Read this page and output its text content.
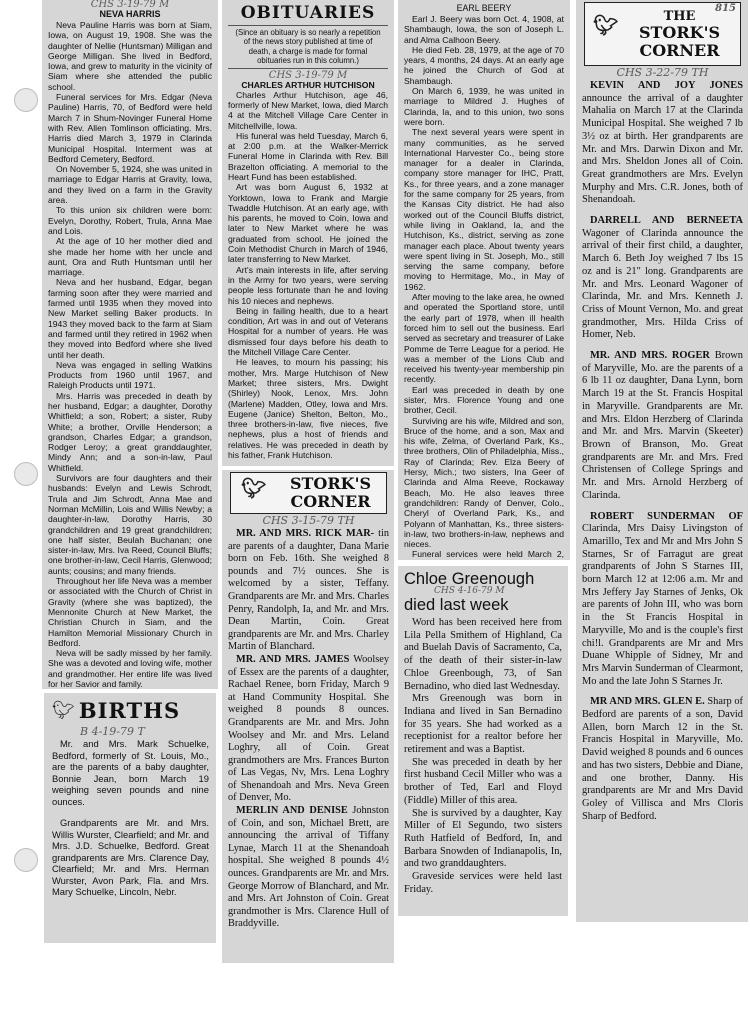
CHS 3-19-79 M
NEVA HARRIS

Neva Pauline Harris was born at Siam, Iowa, on August 19, 1908. She was the daughter of Nellie (Huntsman) Milligan and George Milligan. She lived in Bedford, Iowa, and grew to maturity in the vicinity of Siam where she attended the public school.

Funeral services for Mrs. Edgar (Neva Pauline) Harris, 70, of Bedford were held March 7 in Shum-Novinger Funeral Home with Rev. Allen Tomlinson officiating. Mrs. Harris died March 3, 1979 in Clarinda Municipal Hospital. Interment was at Bedford Cemetery, Bedford.

On November 5, 1924, she was united in marriage to Edgar Harris at Gravity, Iowa, and they lived on a farm in the Gravity area.

To this union six children were born: Evelyn, Dorothy, Robert, Trula, Anna Mae and Lois.

At the age of 10 her mother died and she made her home with her uncle and aunt, Ora and Ruth Huntsman until her marriage.

Neva and her husband, Edgar, began farming soon after they were married and farmed until 1935 when they moved into New Market selling Baker products. In 1943 they moved back to the farm at Siam and farmed until they retired in 1962 when they moved into Bedford where she lived until her death.

Neva was engaged in selling Watkins Products from 1960 until 1967, and Raleigh Products until 1971.

Mrs. Harris was preceded in death by her husband, Edgar; a daughter, Dorothy Whitfield; a son, Robert; a sister, Ruby White; a brother, Orville Henderson; a grandson, Charles Edgar; a grandson, Rodger Leroy; a great granddaughter, Mindy Ann; and a son-in-law, Paul Whitfield.

Survivors are four daughters and their husbands: Evelyn and Lewis Schrodt, Trula and Jim Schrodt, Anna Mae and Norman McMillin, Lois and Willis Newby; a daughter-in-law, Dorothy Harris, 30 grandchildren and 19 great grandchildren; one half sister, Beulah Buchanan; one sister-in-law, Mrs. Iva Reed, Council Bluffs; one brother-in-law, Cecil Harris, Glenwood; aunts; cousins; and many friends.

Throughout her life Neva was a member or associated with the Church of Christ in Gravity (where she was baptized), the Mennonite Church at New Market, the Christian Church in Siam, and the Hamilton Memorial Missionary Church in Bedford.

Neva will be sadly missed by her family. She was a devoted and loving wife, mother and grandmother. Her entire life was lived for her Savior and family.

OBITUARIES
(Since an obituary is so nearly a repetition of the news story published at time of death, a charge is made for formal obituaries run in this column.)
CHS 3-19-79 M
CHARLES ARTHUR HUTCHISON

Charles Arthur Hutchison, age 46, formerly of New Market, Iowa, died March 4 at the Mitchell Village Care Center in Mitchellville, Iowa.

His funeral was held Tuesday, March 6, at 2:00 p.m. at the Walker-Merrick Funeral Home in Clarinda with Rev. Bill Brazelton officiating. A memorial to the Heart Fund has been established.

Art was born August 6, 1932 at Yorktown, Iowa to Frank and Margie Twaddle Hutchison. At an early age, with his parents, he moved to Coin, Iowa and later to New Market where he was graduated from school. He joined the Coin Methodist Church in March of 1946, later transferring to New Market.

Art's main interests in life, after serving in the Army for two years, were serving people less fortunate than he and loving his 10 nieces and nephews.

Being in failing health, due to a heart condition, Art was in and out of Veterans Hospital for a number of years. He was dismissed four days before his death to the Mitchell Village Care Center.

He leaves, to mourn his passing; his mother, Mrs. Marge Hutchison of New Market; three sisters, Mrs. Dwight (Shirley) Nook, Lenox, Mrs. John (Marlene) Madden, Otley, Iowa and Mrs. Eugene (Janice) Shelton, Belton, Mo., three brothers-in-law, five nieces, five nephews, plus a host of friends and relatives. He was preceded in death by his father, Frank Hutchison.

EARL BEERY

Earl J. Beery was born Oct. 4, 1908, at Shambaugh, Iowa, the son of Joseph L. and Alma Calhoon Beery.

He died Feb. 28, 1979, at the age of 70 years, 4 months, 24 days. At an early age he joined the Church of God at Shambaugh.

On March 6, 1939, he was united in marriage to Mildred J. Hughes of Clarinda, Ia, and to this union, two sons were born.

The next several years were spent in many communities, as he served International Harvester Co., being store manager for a dealer in Clarinda, company store manager for IHC, Pratt, Ks., for three years, and a zone manager for the same company for 25 years, from the Kansas City district. He had also worked out of the Council Bluffs district, while living in Oakland, Ia, and the Hutchison, Ks., district, serving as zone manager each place. About twenty years were spent living in St. Joseph, Mo., still serving the same company, before moving to Hermitage, Mo., in May of 1962.

After moving to the lake area, he owned and operated the Sportland store, until the early part of 1978, when ill health forced him to sell out the business. Earl served as secretary and treasurer of Lake Pomme de Terre League for a period. He was a member of the Lions Club and received his twenty-year membership pin recently.

Earl was preceded in death by one sister, Mrs. Florence Young and one brother, Cecil.

Surviving are his wife, Mildred and son, Bruce of the home, and a son, Max and his wife, Zelma, of Overland Park, Ks., three brothers, Olin of Philadelphia, Miss., Ray of Clarinda; Rev. Elza Beery of Hersy, Mich.; two sisters, Ina Geer of Clarinda and Alma Reeve, Rockaway Beach, Mo. He also leaves three grandchildren: Randy of Denver, Colo., Cheryl of Overland Park, Ks., and Polyann of Manhattan, Ks., three sisters-in-law, two brothers-in-law, nephews and nieces.

Funeral services were held March 2,

🐦︎	THE
STORK'S
CORNER
815
CHS 3-22-79 TH

KEVIN AND JOY JONES announce the arrival of a daughter Mahalia on March 17 at the Clarinda Municipal Hospital. She weighed 7 lb 3½ oz at birth. Her grandparents are Mr. and Mrs. Darwin Dixon and Mr. and Mrs. Sheldon Jones all of Coin. Great grandmothers are Mrs. Evelyn Murphy and Mrs. C.R. Jones, both of Shenandoah.

DARRELL AND BERNEETA Wagoner of Clarinda announce the arrival of their first child, a daughter, March 6. Beth Joy weighed 7 lbs 15 oz and is 21" long. Grandparents are Mr. and Mrs. Leonard Wagoner of Clarinda, Mr. and Mrs. Kenneth J. Criss of Mount Vernon, Mo. and great grandmother, Mrs. Hilda Criss of Homer, Neb.

MR. AND MRS. ROGER Brown of Maryville, Mo. are the parents of a 6 lb 11 oz daughter, Dana Lynn, born March 19 at the St. Francis Hospital in Maryville. Grandparents are Mr. and Mrs. Eldon Herzberg of Clarinda and Mr. and Mrs. Marvin (Skeeter) Brown of Branson, Mo. Great grandparents are Mr. and Mrs. Fred Christensen of College Springs and Mr. and Mrs. Arnold Herzberg of Clarinda.

ROBERT SUNDERMAN OF Clarinda, Mrs Daisy Livingston of Amarillo, Tex and Mr and Mrs John S Starnes, Sr of Farragut are great grandparents of John S Starnes III, born March 12 at 12:06 a.m. Mr and Mrs Jeffery Jay Starnes of Jenks, Ok are parents of John III, who was born in the St Francis Hospital in Maryville, Mo and is the couple's first chi!l. Grandparents are Mr and Mrs Duane Whipple of Sidney, Mr and Mrs Marvin Sunderman of Clearmont, Mo and the late John S Starnes Jr.

MR AND MRS. GLEN E. Sharp of Bedford are parents of a son, David Allen, born March 12 in the St. Francis Hospital in Maryville, Mo. David weighed 8 pounds and 6 ounces and has two sisters, Debbie and Diane, and one brother, Danny. His grandparents are Mr and Mrs David Goley of Villisca and Mrs Cloris Sharp of Bedford.

🐦︎ STORK'S
CORNER
CHS 3-15-79 TH

MR. AND MRS. RICK MAR- tin are parents of a daughter, Dana Marie born on Feb. 16th. She weighed 8 pounds and 7½ ounces. She is welcomed by a sister, Teffany. Grandparents are Mr. and Mrs. Charles Penry, Randolph, Ia, and Mr. and Mrs. Dean Martin, Coin. Great grandparents are Mr. and Mrs. Charley Martin of Blanchard.

MR. AND MRS. JAMES Woolsey of Essex are the parents of a daughter, Rachael Renee, born Friday, March 9 at Hand Community Hospital. She weighed 8 pounds 8 ounces. Grandparents are Mr. and Mrs. John Woolsey and Mr. and Mrs. Leland Loghry, all of Coin. Great grandmothers are Mrs. Frances Burton of Las Vegas, Nv, Mrs. Lena Loghry of Shenandoah and Mrs. Neva Green of Denver, Mo.

MERLIN AND DENISE Johnston of Coin, and son, Michael Brett, are announcing the arrival of Tiffany Lynae, March 11 at the Shenandoah hospital. She weighed 8 pounds 4½ ounces. Grandparents are Mr. and Mrs. George Morrow of Blanchard, and Mr. and Mrs. Art Johnston of Coin. Great grandmother is Mrs. Clarence Hull of Braddyville.

Chloe Greenough
CHS 4-16-79 M
died last week

Word has been received here from Lila Pella Smithem of Highland, Ca and Buelah Davis of Sacramento, Ca, of the death of their sister-in-law Chloe Greenbough, 73, of San Bernadino, who died last Wednesday.

Mrs Greenough was born in Indiana and lived in San Bernadino for 35 years. She had worked as a receptionist for a realtor before her retirement and was a Baptist.

She was preceded in death by her first husband Cecil Miller who was a brother of Ted, Earl and Floyd (Fiddle) Miller of this area.

She is survived by a daughter, Kay Miller of El Segundo, two sisters Ruth Hatfield of Bedford, In, and Barbara Snowden of Indianapolis, In, and two granddaughters.

Graveside services were held last Friday.

🐦︎ BIRTHS
B 4-19-79 T

Mr. and Mrs. Mark Schuelke, Bedford, formerly of St. Louis, Mo., are the parents of a baby daughter, Bonnie Jean, born March 19 weighing seven pounds and nine ounces.

Grandparents are Mr. and Mrs. Willis Wurster, Clearfield; and Mr. and Mrs. J.D. Schuelke, Bedford. Great grandparents are Mrs. Clarence Day, Clearfield; Mr. and Mrs. Herman Wurster, Avon Park, Fla. and Mrs. Mary Schuelke, Lincoln, Nebr.
